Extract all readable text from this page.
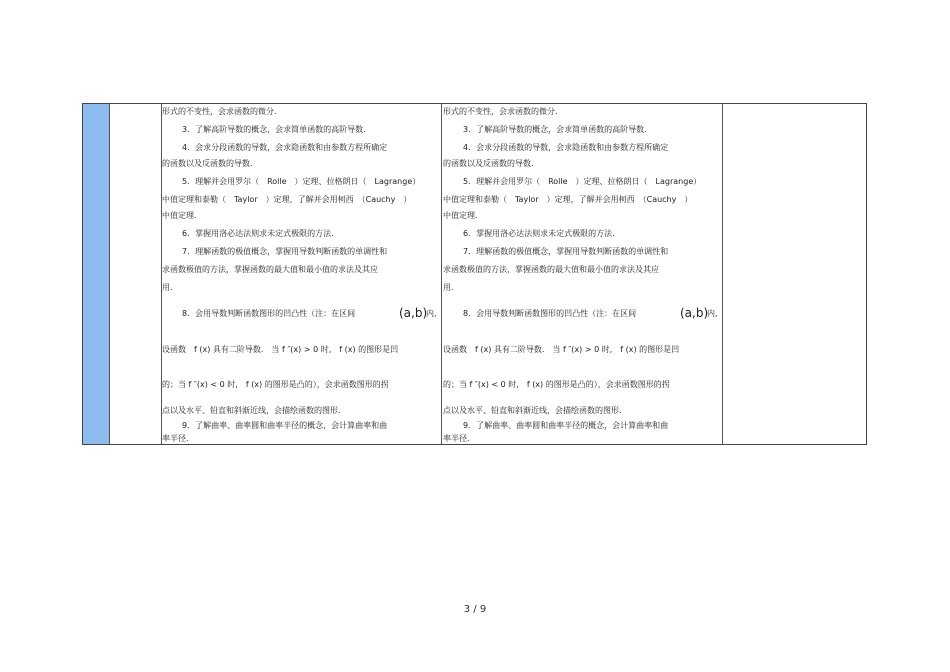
形式的不变性，会求函数的微分.
3．了解高阶导数的概念，会求简单函数的高阶导数.
4．会求分段函数的导数，会求隐函数和由参数方程所确定
的函数以及反函数的导数.
5．理解并会用罗尔（　Rolle　）定理、拉格朗日（　Lagrange）
中值定理和泰勒（　Taylor　）定理，了解并会用柯西　（Cauchy　）
中值定理.
6．掌握用洛必达法则求未定式极限的方法.
7．理解函数的极值概念，掌握用导数判断函数的单调性和
求函数极值的方法，掌握函数的最大值和最小值的求法及其应
用.
8．会用导数判断函数图形的凹凸性（注：在区间	(a,b)
内,
设函数　f (x) 具有二阶导数.　当 f ″(x) > 0 时,　f (x) 的图形是凹
的；当 f ″(x) < 0 时,　f (x) 的图形是凸的），会求函数图形的拐
点以及水平、铅直和斜渐近线，会描绘函数的图形.
9．了解曲率、曲率圆和曲率半径的概念，会计算曲率和曲
率半径.
形式的不变性，会求函数的微分.
3．了解高阶导数的概念，会求简单函数的高阶导数.
4．会求分段函数的导数，会求隐函数和由参数方程所确定
的函数以及反函数的导数.
5．理解并会用罗尔（　Rolle　）定理、拉格朗日（　Lagrange）
中值定理和泰勒（　Taylor　）定理，了解并会用柯西　（Cauchy　）
中值定理.
6．掌握用洛必达法则求未定式极限的方法.
7．理解函数的极值概念，掌握用导数判断函数的单调性和
求函数极值的方法，掌握函数的最大值和最小值的求法及其应
用.
8．会用导数判断函数图形的凹凸性（注：在区间	(a,b)
内,
设函数　f (x) 具有二阶导数.　当 f ″(x) > 0 时,　f (x) 的图形是凹
的；当 f ″(x) < 0 时,　f (x) 的图形是凸的），会求函数图形的拐
点以及水平、铅直和斜渐近线，会描绘函数的图形.
9．了解曲率、曲率圆和曲率半径的概念，会计算曲率和曲
率半径.
3 / 9
